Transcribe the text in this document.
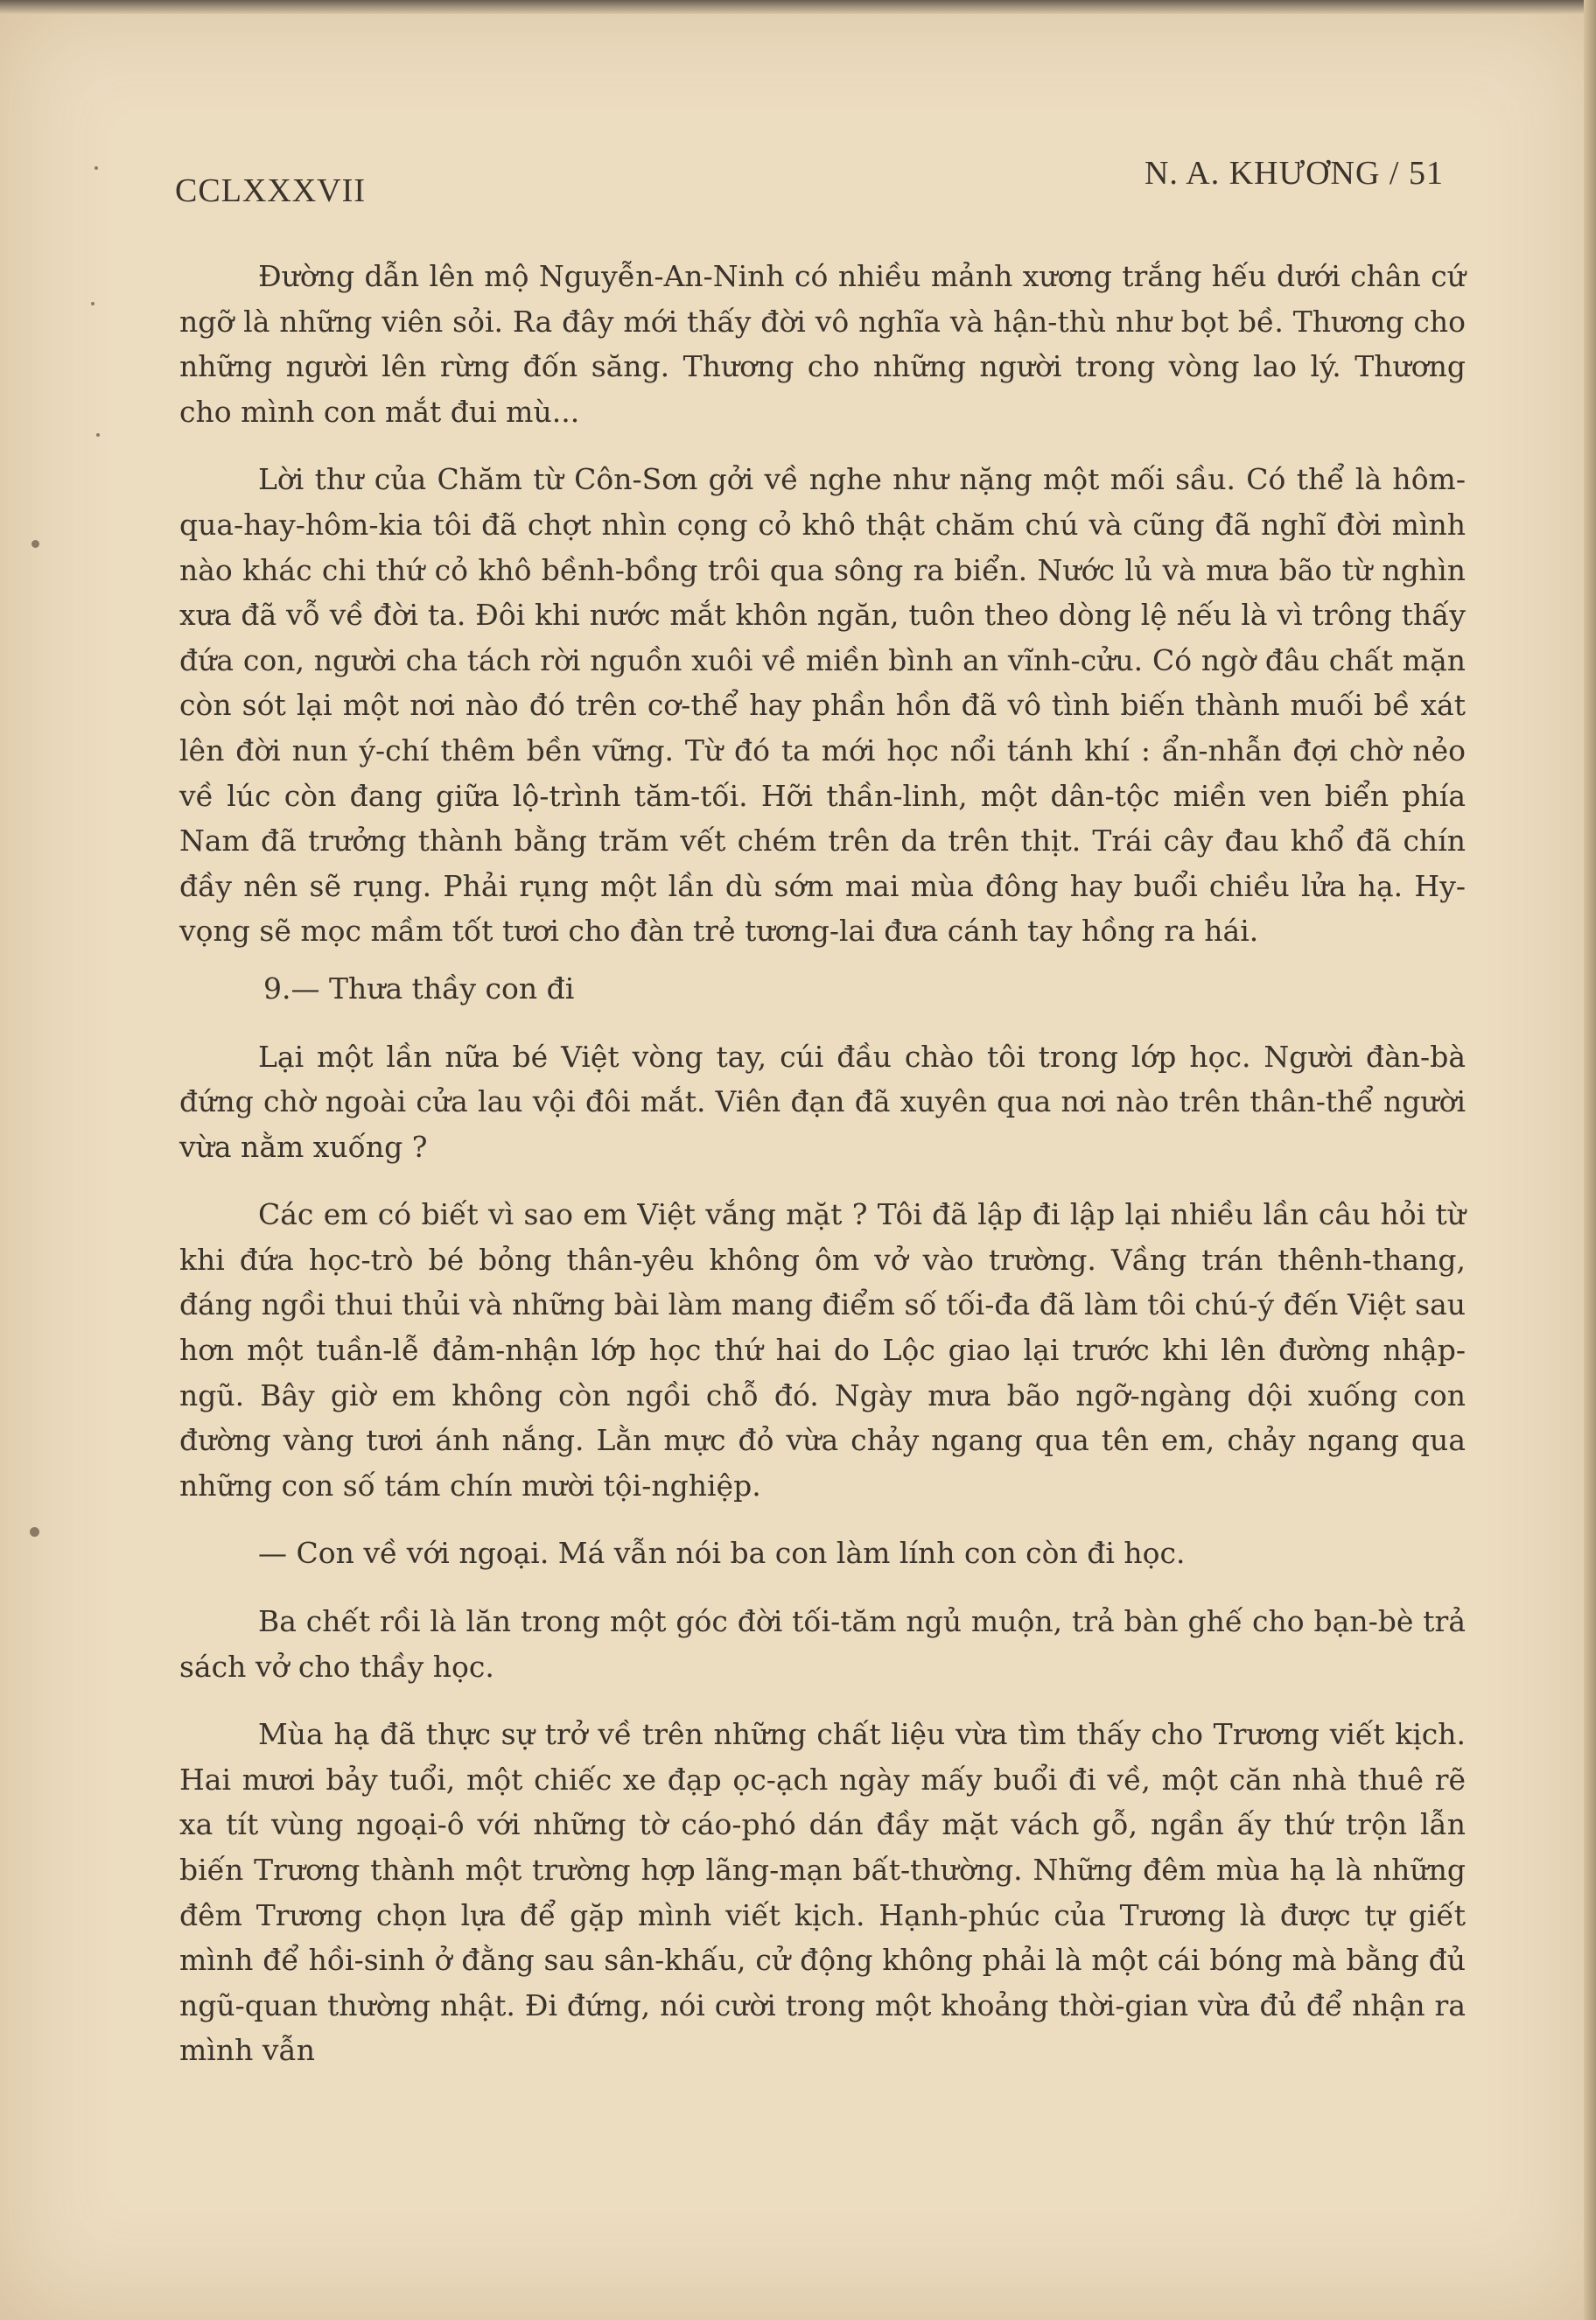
CCLXXXVII	N. A. KHƯƠNG / 51

Đường dẫn lên mộ Nguyễn-An-Ninh có nhiều mảnh xương trắng hếu dưới chân cứ ngỡ là những viên sỏi. Ra đây mới thấy đời vô nghĩa và hận-thù như bọt bề. Thương cho những người lên rừng đốn săng. Thương cho những người trong vòng lao lý. Thương cho mình con mắt đui mù...

Lời thư của Chăm từ Côn-Sơn gởi về nghe như nặng một mối sầu. Có thể là hôm-qua-hay-hôm-kia tôi đã chợt nhìn cọng cỏ khô thật chăm chú và cũng đã nghĩ đời mình nào khác chi thứ cỏ khô bềnh-bồng trôi qua sông ra biển. Nước lủ và mưa bão từ nghìn xưa đã vỗ về đời ta. Đôi khi nước mắt khôn ngăn, tuôn theo dòng lệ nếu là vì trông thấy đứa con, người cha tách rời nguồn xuôi về miền bình an vĩnh-cửu. Có ngờ đâu chất mặn còn sót lại một nơi nào đó trên cơ-thể hay phần hồn đã vô tình biến thành muối bề xát lên đời nun ý-chí thêm bền vững. Từ đó ta mới học nổi tánh khí : ẩn-nhẫn đợi chờ nẻo về lúc còn đang giữa lộ-trình tăm-tối. Hỡi thần-linh, một dân-tộc miền ven biển phía Nam đã trưởng thành bằng trăm vết chém trên da trên thịt. Trái cây đau khổ đã chín đầy nên sẽ rụng. Phải rụng một lần dù sớm mai mùa đông hay buổi chiều lửa hạ. Hy-vọng sẽ mọc mầm tốt tươi cho đàn trẻ tương-lai đưa cánh tay hồng ra hái.

9.— Thưa thầy con đi

Lại một lần nữa bé Việt vòng tay, cúi đầu chào tôi trong lớp học. Người đàn-bà đứng chờ ngoài cửa lau vội đôi mắt. Viên đạn đã xuyên qua nơi nào trên thân-thể người vừa nằm xuống ?

Các em có biết vì sao em Việt vắng mặt ? Tôi đã lập đi lập lại nhiều lần câu hỏi từ khi đứa học-trò bé bỏng thân-yêu không ôm vở vào trường. Vầng trán thênh-thang, đáng ngồi thui thủi và những bài làm mang điểm số tối-đa đã làm tôi chú-ý đến Việt sau hơn một tuần-lễ đảm-nhận lớp học thứ hai do Lộc giao lại trước khi lên đường nhập-ngũ. Bây giờ em không còn ngồi chỗ đó. Ngày mưa bão ngỡ-ngàng dội xuống con đường vàng tươi ánh nắng. Lằn mực đỏ vừa chảy ngang qua tên em, chảy ngang qua những con số tám chín mười tội-nghiệp.

— Con về với ngoại. Má vẫn nói ba con làm lính con còn đi học.

Ba chết rồi là lăn trong một góc đời tối-tăm ngủ muộn, trả bàn ghế cho bạn-bè trả sách vở cho thầy học.

Mùa hạ đã thực sự trở về trên những chất liệu vừa tìm thấy cho Trương viết kịch. Hai mươi bảy tuổi, một chiếc xe đạp ọc-ạch ngày mấy buổi đi về, một căn nhà thuê rẽ xa tít vùng ngoại-ô với những tờ cáo-phó dán đầy mặt vách gỗ, ngần ấy thứ trộn lẫn biến Trương thành một trường hợp lãng-mạn bất-thường. Những đêm mùa hạ là những đêm Trương chọn lựa để gặp mình viết kịch. Hạnh-phúc của Trương là được tự giết mình để hồi-sinh ở đằng sau sân-khấu, cử động không phải là một cái bóng mà bằng đủ ngũ-quan thường nhật. Đi đứng, nói cười trong một khoảng thời-gian vừa đủ để nhận ra mình vẫn
